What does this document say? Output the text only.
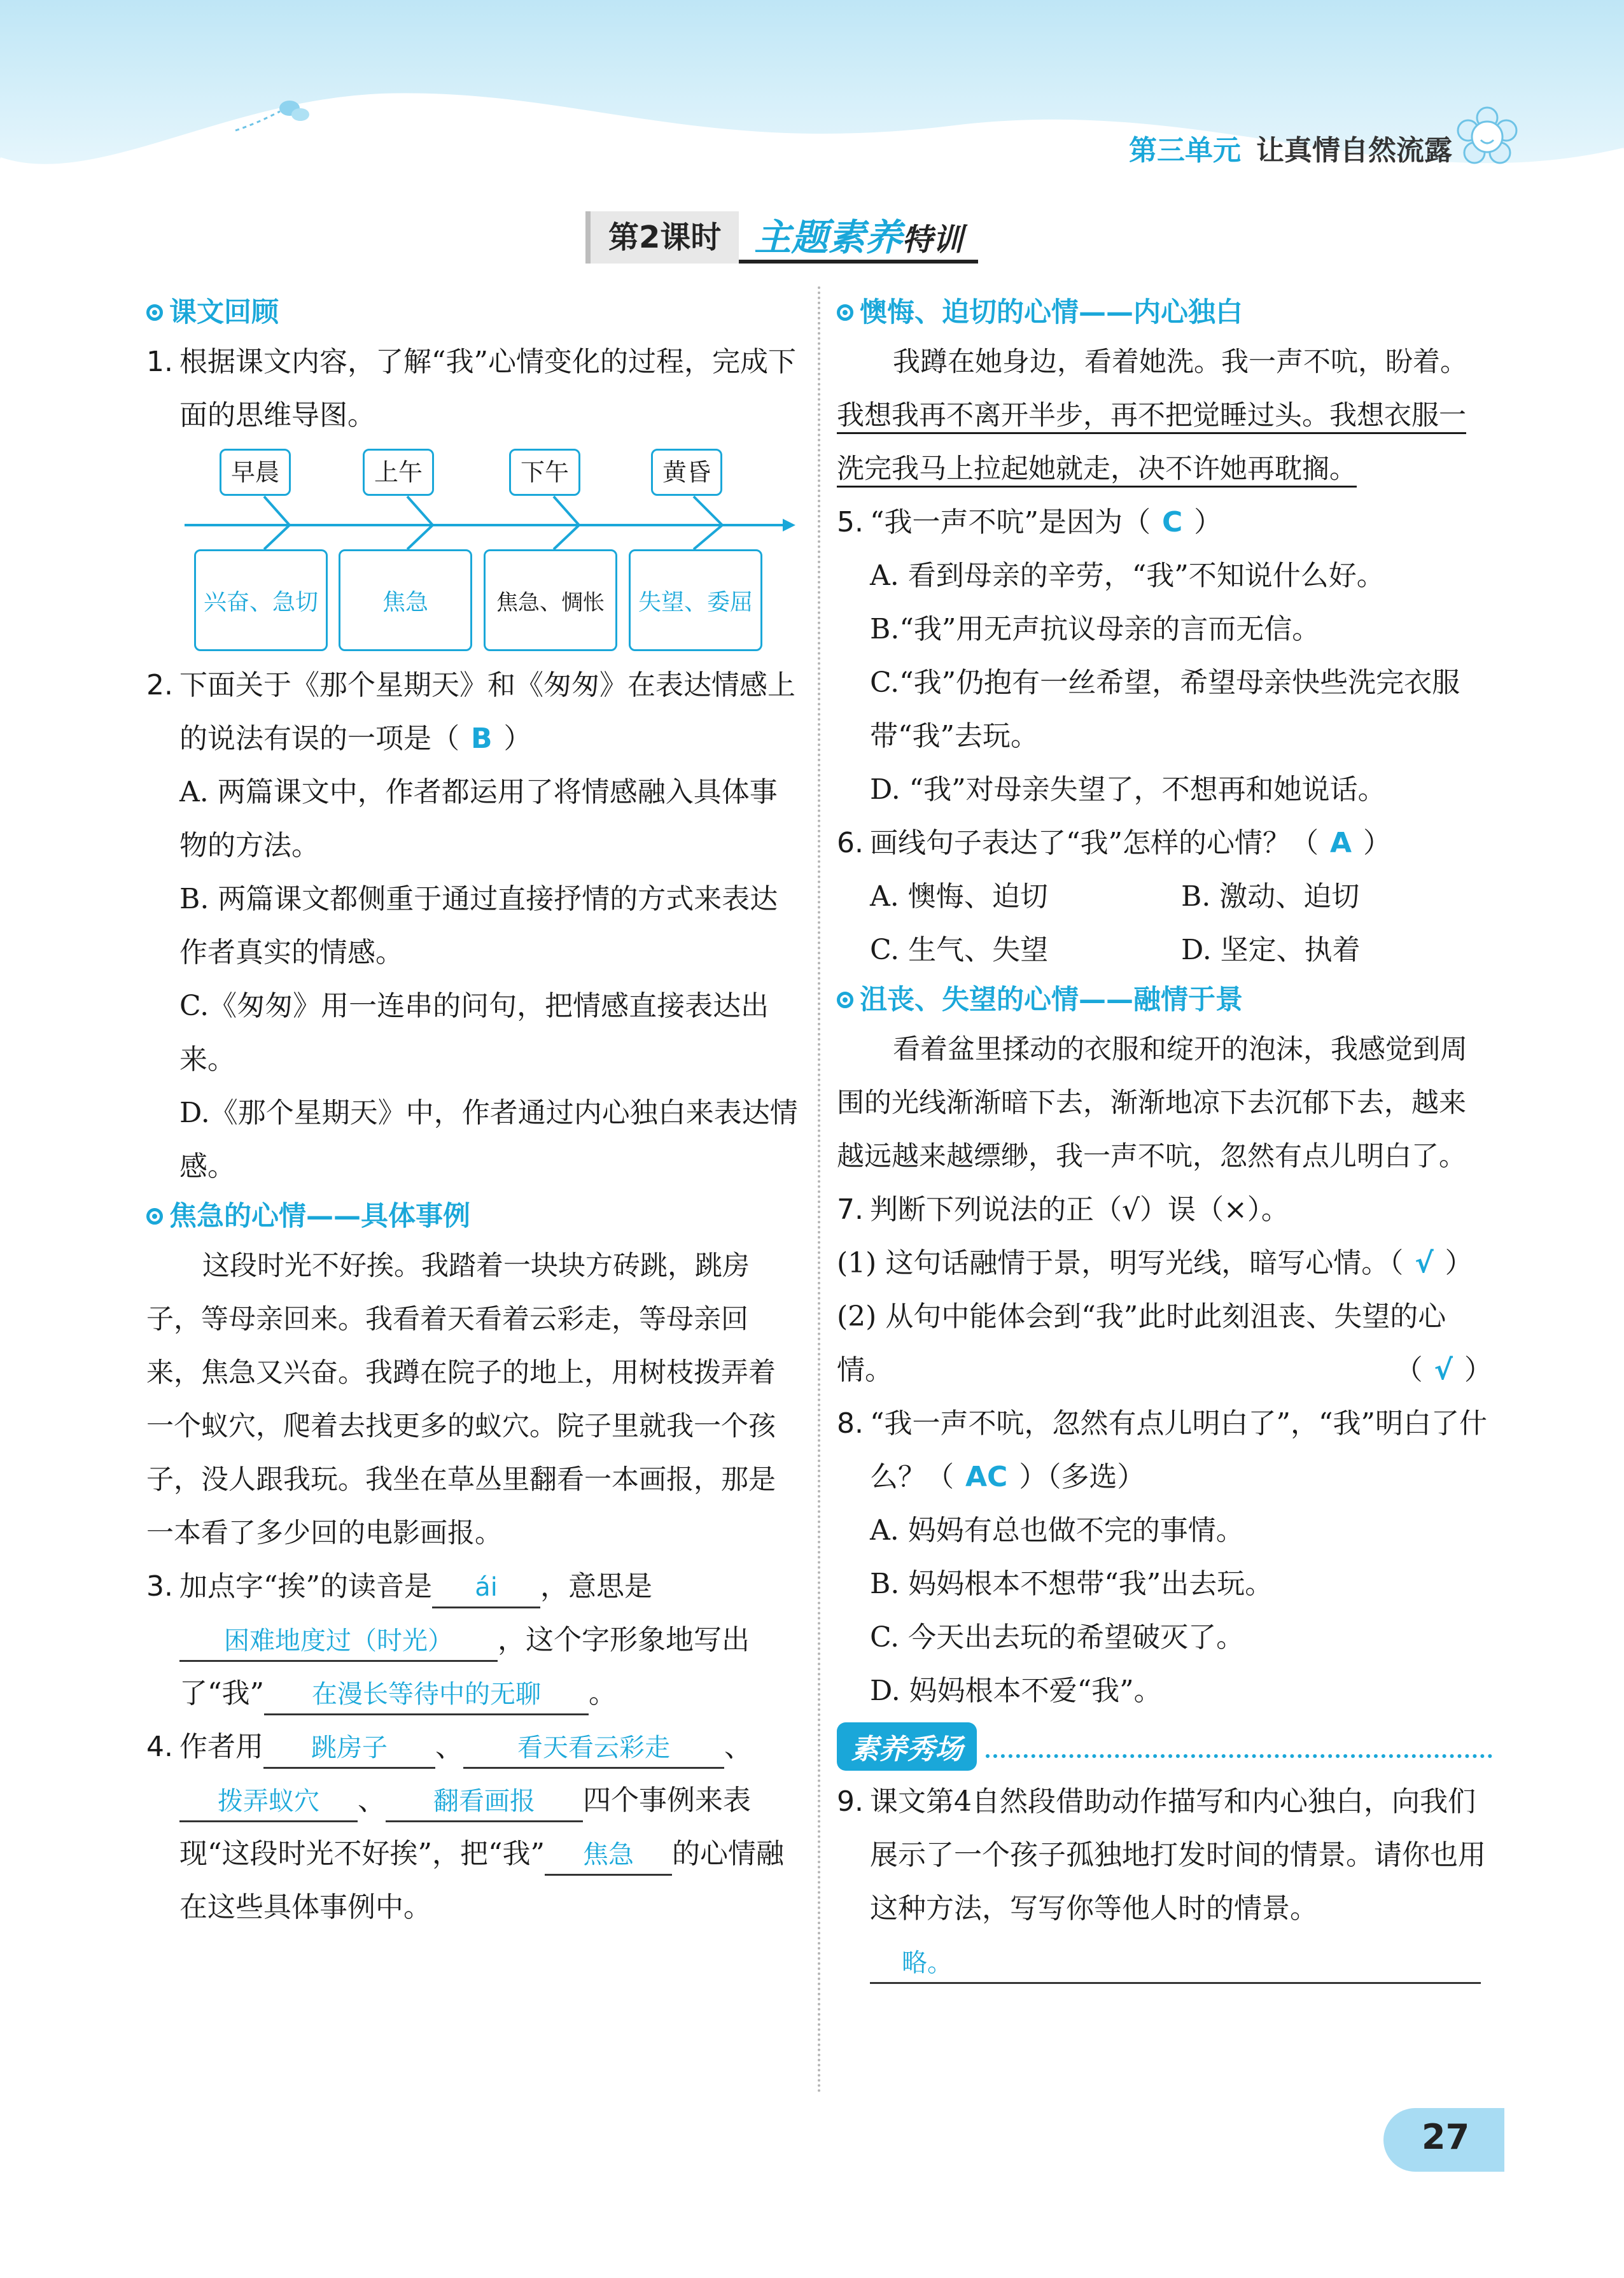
第三单元 让真情自然流露
第2课时 主题素养特训
课文回顾
1. 根据课文内容，了解“我”心情变化的过程，完成下面的思维导图。
早晨	上午	下午	黄昏
兴奋、急切	焦急	焦急、惆怅	失望、委屈
2. 下面关于《那个星期天》和《匆匆》在表达情感上的说法有误的一项是（ B ）
A. 两篇课文中，作者都运用了将情感融入具体事物的方法。
B. 两篇课文都侧重于通过直接抒情的方式来表达作者真实的情感。
C.《匆匆》用一连串的问句，把情感直接表达出来。
D.《那个星期天》中，作者通过内心独白来表达情感。
焦急的心情——具体事例
这段时光不好挨。我踏着一块块方砖跳，跳房子，等母亲回来。我看着天看着云彩走，等母亲回来，焦急又兴奋。我蹲在院子的地上，用树枝拨弄着一个蚁穴，爬着去找更多的蚁穴。院子里就我一个孩子，没人跟我玩。我坐在草丛里翻看一本画报，那是一本看了多少回的电影画报。
3. 加点字“挨”的读音是 ái ，意思是
困难地度过（时光） ，这个字形象地写出了“我” 在漫长等待中的无聊 。
4. 作者用 跳房子 、 看天看云彩走 、
拨弄蚁穴 、 翻看画报 四个事例来表现“这段时光不好挨”，把“我” 焦急 的心情融在这些具体事例中。
懊悔、迫切的心情——内心独白
我蹲在她身边，看着她洗。我一声不吭，盼着。我想我再不离开半步，再不把觉睡过头。我想衣服一洗完我马上拉起她就走，决不许她再耽搁。
5. “我一声不吭”是因为（ C ）
A. 看到母亲的辛劳，“我”不知说什么好。
B.“我”用无声抗议母亲的言而无信。
C.“我”仍抱有一丝希望，希望母亲快些洗完衣服带“我”去玩。
D. “我”对母亲失望了，不想再和她说话。
6. 画线句子表达了“我”怎样的心情？（ A ）
A. 懊悔、迫切	B. 激动、迫切
C. 生气、失望	D. 坚定、执着
沮丧、失望的心情——融情于景
看着盆里揉动的衣服和绽开的泡沫，我感觉到周围的光线渐渐暗下去，渐渐地凉下去沉郁下去，越来越远越来越缥缈，我一声不吭，忽然有点儿明白了。
7. 判断下列说法的正（√）误（×）。
(1) 这句话融情于景，明写光线，暗写心情。（ √ ）
(2) 从句中能体会到“我”此时此刻沮丧、失望的心情。	（ √ ）
8. “我一声不吭，忽然有点儿明白了”，“我”明白了什么？（ AC ）（多选）
A. 妈妈有总也做不完的事情。
B. 妈妈根本不想带“我”出去玩。
C. 今天出去玩的希望破灭了。
D. 妈妈根本不爱“我”。
素养秀场
9. 课文第4自然段借助动作描写和内心独白，向我们展示了一个孩子孤独地打发时间的情景。请你也用这种方法，写写你等他人时的情景。
略。
27
